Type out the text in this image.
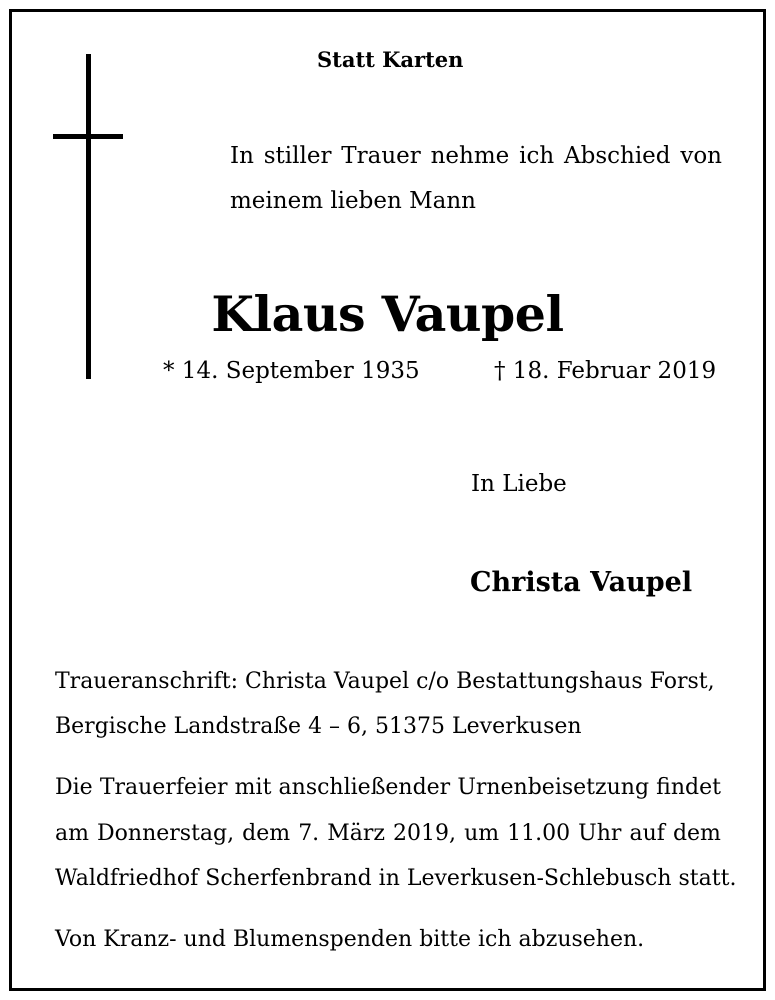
Statt Karten
In stiller Trauer nehme ich Abschied von
meinem lieben Mann
Klaus Vaupel
* 14. September 1935	† 18. Februar 2019
In Liebe
Christa Vaupel
Traueranschrift: Christa Vaupel c/o Bestattungshaus Forst,
Bergische Landstraße 4 – 6, 51375 Leverkusen
Die Trauerfeier mit anschließender Urnenbeisetzung findet
am Donnerstag, dem 7. März 2019, um 11.00 Uhr auf dem
Waldfriedhof Scherfenbrand in Leverkusen-Schlebusch statt.
Von Kranz- und Blumenspenden bitte ich abzusehen.
